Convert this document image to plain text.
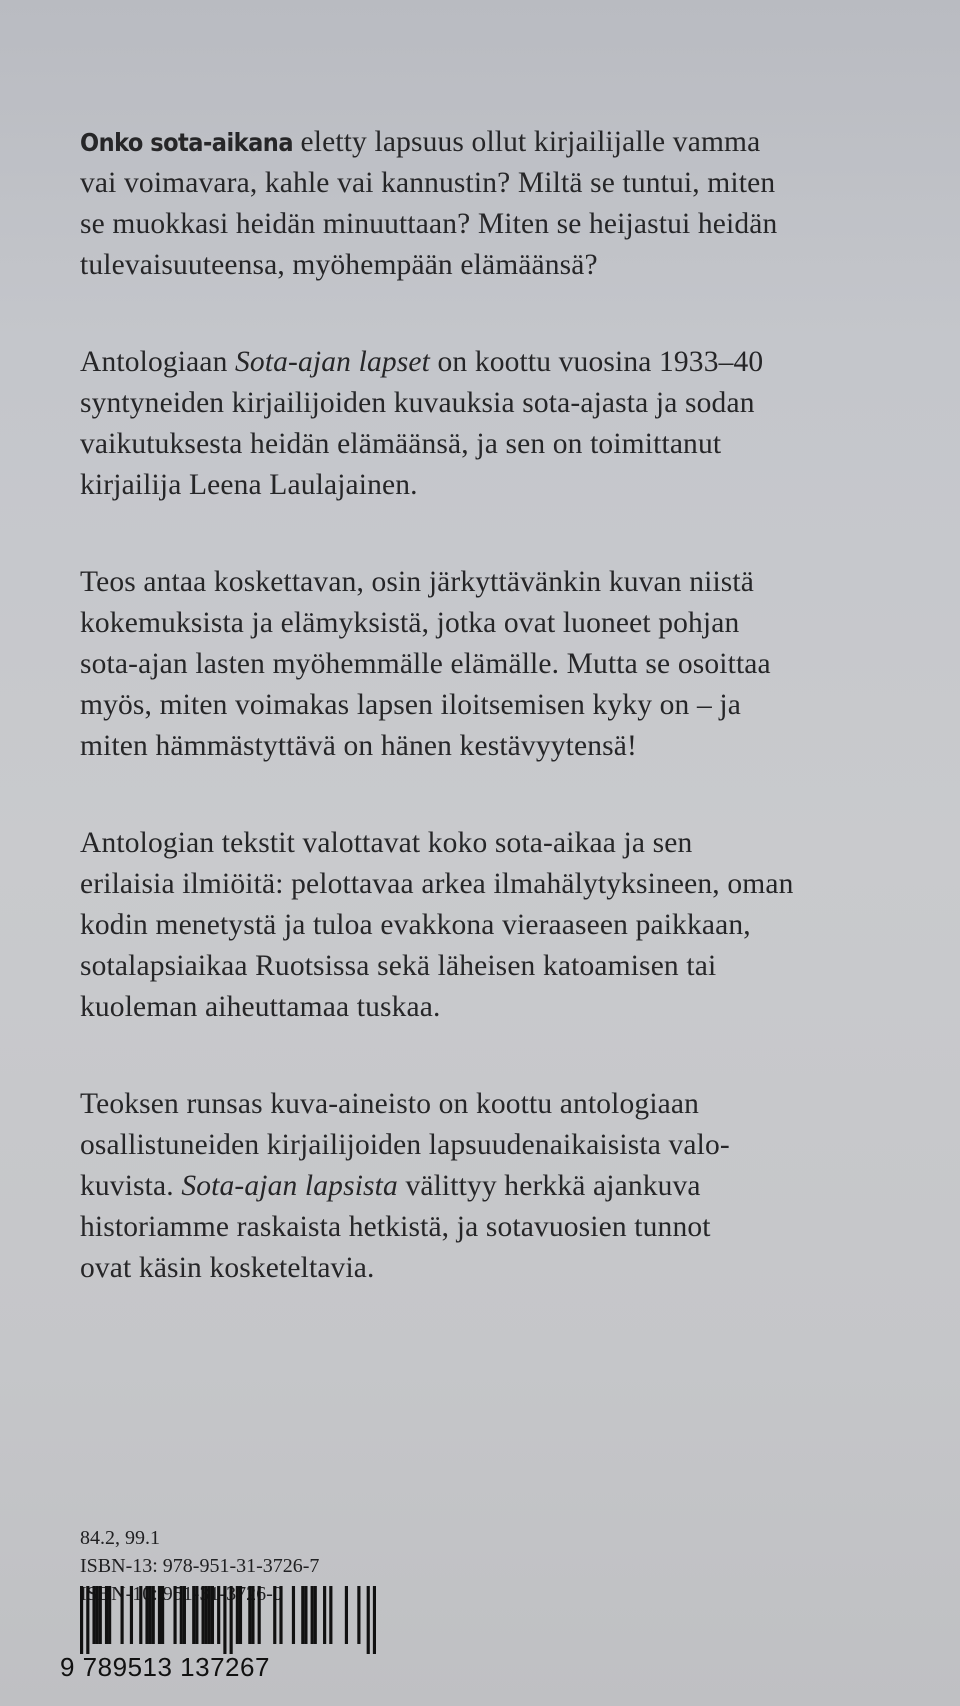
Onko sota-aikana eletty lapsuus ollut kirjailijalle vamma
vai voimavara, kahle vai kannustin? Miltä se tuntui, miten
se muokkasi heidän minuuttaan? Miten se heijastui heidän
tulevaisuuteensa, myöhempään elämäänsä?

Antologiaan Sota-ajan lapset on koottu vuosina 1933–40
syntyneiden kirjailijoiden kuvauksia sota-ajasta ja sodan
vaikutuksesta heidän elämäänsä, ja sen on toimittanut
kirjailija Leena Laulajainen.

Teos antaa koskettavan, osin järkyttävänkin kuvan niistä
kokemuksista ja elämyksistä, jotka ovat luoneet pohjan
sota-ajan lasten myöhemmälle elämälle. Mutta se osoittaa
myös, miten voimakas lapsen iloitsemisen kyky on – ja
miten hämmästyttävä on hänen kestävyytensä!

Antologian tekstit valottavat koko sota-aikaa ja sen
erilaisia ilmiöitä: pelottavaa arkea ilmahälytyksineen, oman
kodin menetystä ja tuloa evakkona vieraaseen paikkaan,
sotalapsiaikaa Ruotsissa sekä läheisen katoamisen tai
kuoleman aiheuttamaa tuskaa.

Teoksen runsas kuva-aineisto on koottu antologiaan
osallistuneiden kirjailijoiden lapsuudenaikaisista valo-
kuvista. Sota-ajan lapsista välittyy herkkä ajankuva
historiamme raskaista hetkistä, ja sotavuosien tunnot
ovat käsin kosketeltavia.

84.2, 99.1
ISBN-13: 978-951-31-3726-7
ISBN-10: 951-31-3726-0
9 789513 137267
